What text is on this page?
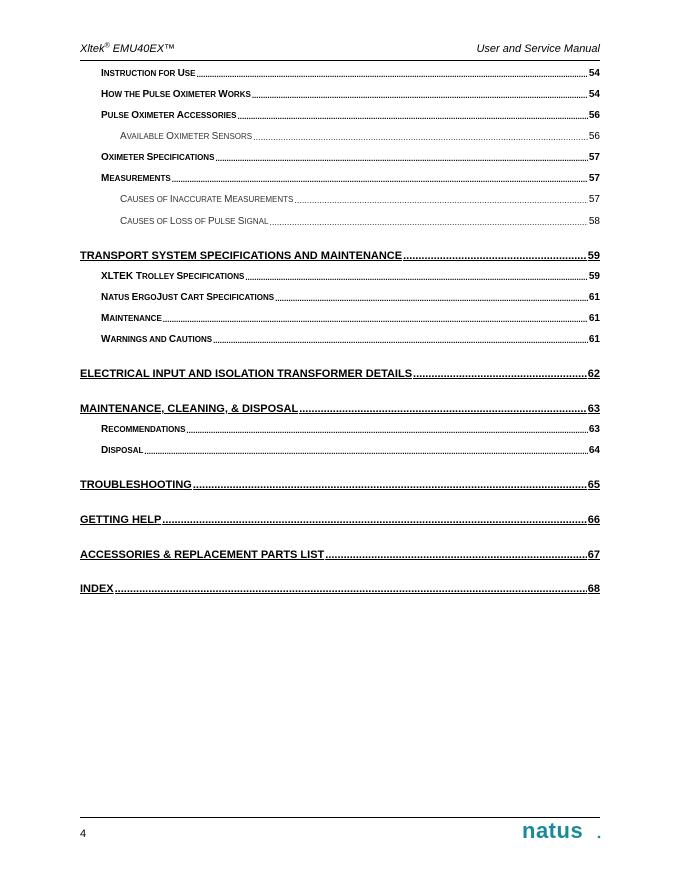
Xltek® EMU40EX™	User and Service Manual
INSTRUCTION FOR USE .....	54
HOW THE PULSE OXIMETER WORKS .....	54
PULSE OXIMETER ACCESSORIES .....	56
AVAILABLE OXIMETER SENSORS .....	56
OXIMETER SPECIFICATIONS .....	57
MEASUREMENTS .....	57
CAUSES OF INACCURATE MEASUREMENTS .....	57
CAUSES OF LOSS OF PULSE SIGNAL .....	58
TRANSPORT SYSTEM SPECIFICATIONS AND MAINTENANCE .....	59
XLTEK TROLLEY SPECIFICATIONS .....	59
NATUS ERGOJUST CART SPECIFICATIONS .....	61
MAINTENANCE .....	61
WARNINGS AND CAUTIONS .....	61
ELECTRICAL INPUT AND ISOLATION TRANSFORMER DETAILS .....	62
MAINTENANCE, CLEANING, & DISPOSAL .....	63
RECOMMENDATIONS .....	63
DISPOSAL .....	64
TROUBLESHOOTING .....	65
GETTING HELP .....	66
ACCESSORIES & REPLACEMENT PARTS LIST .....	67
INDEX .....	68
4	natus
